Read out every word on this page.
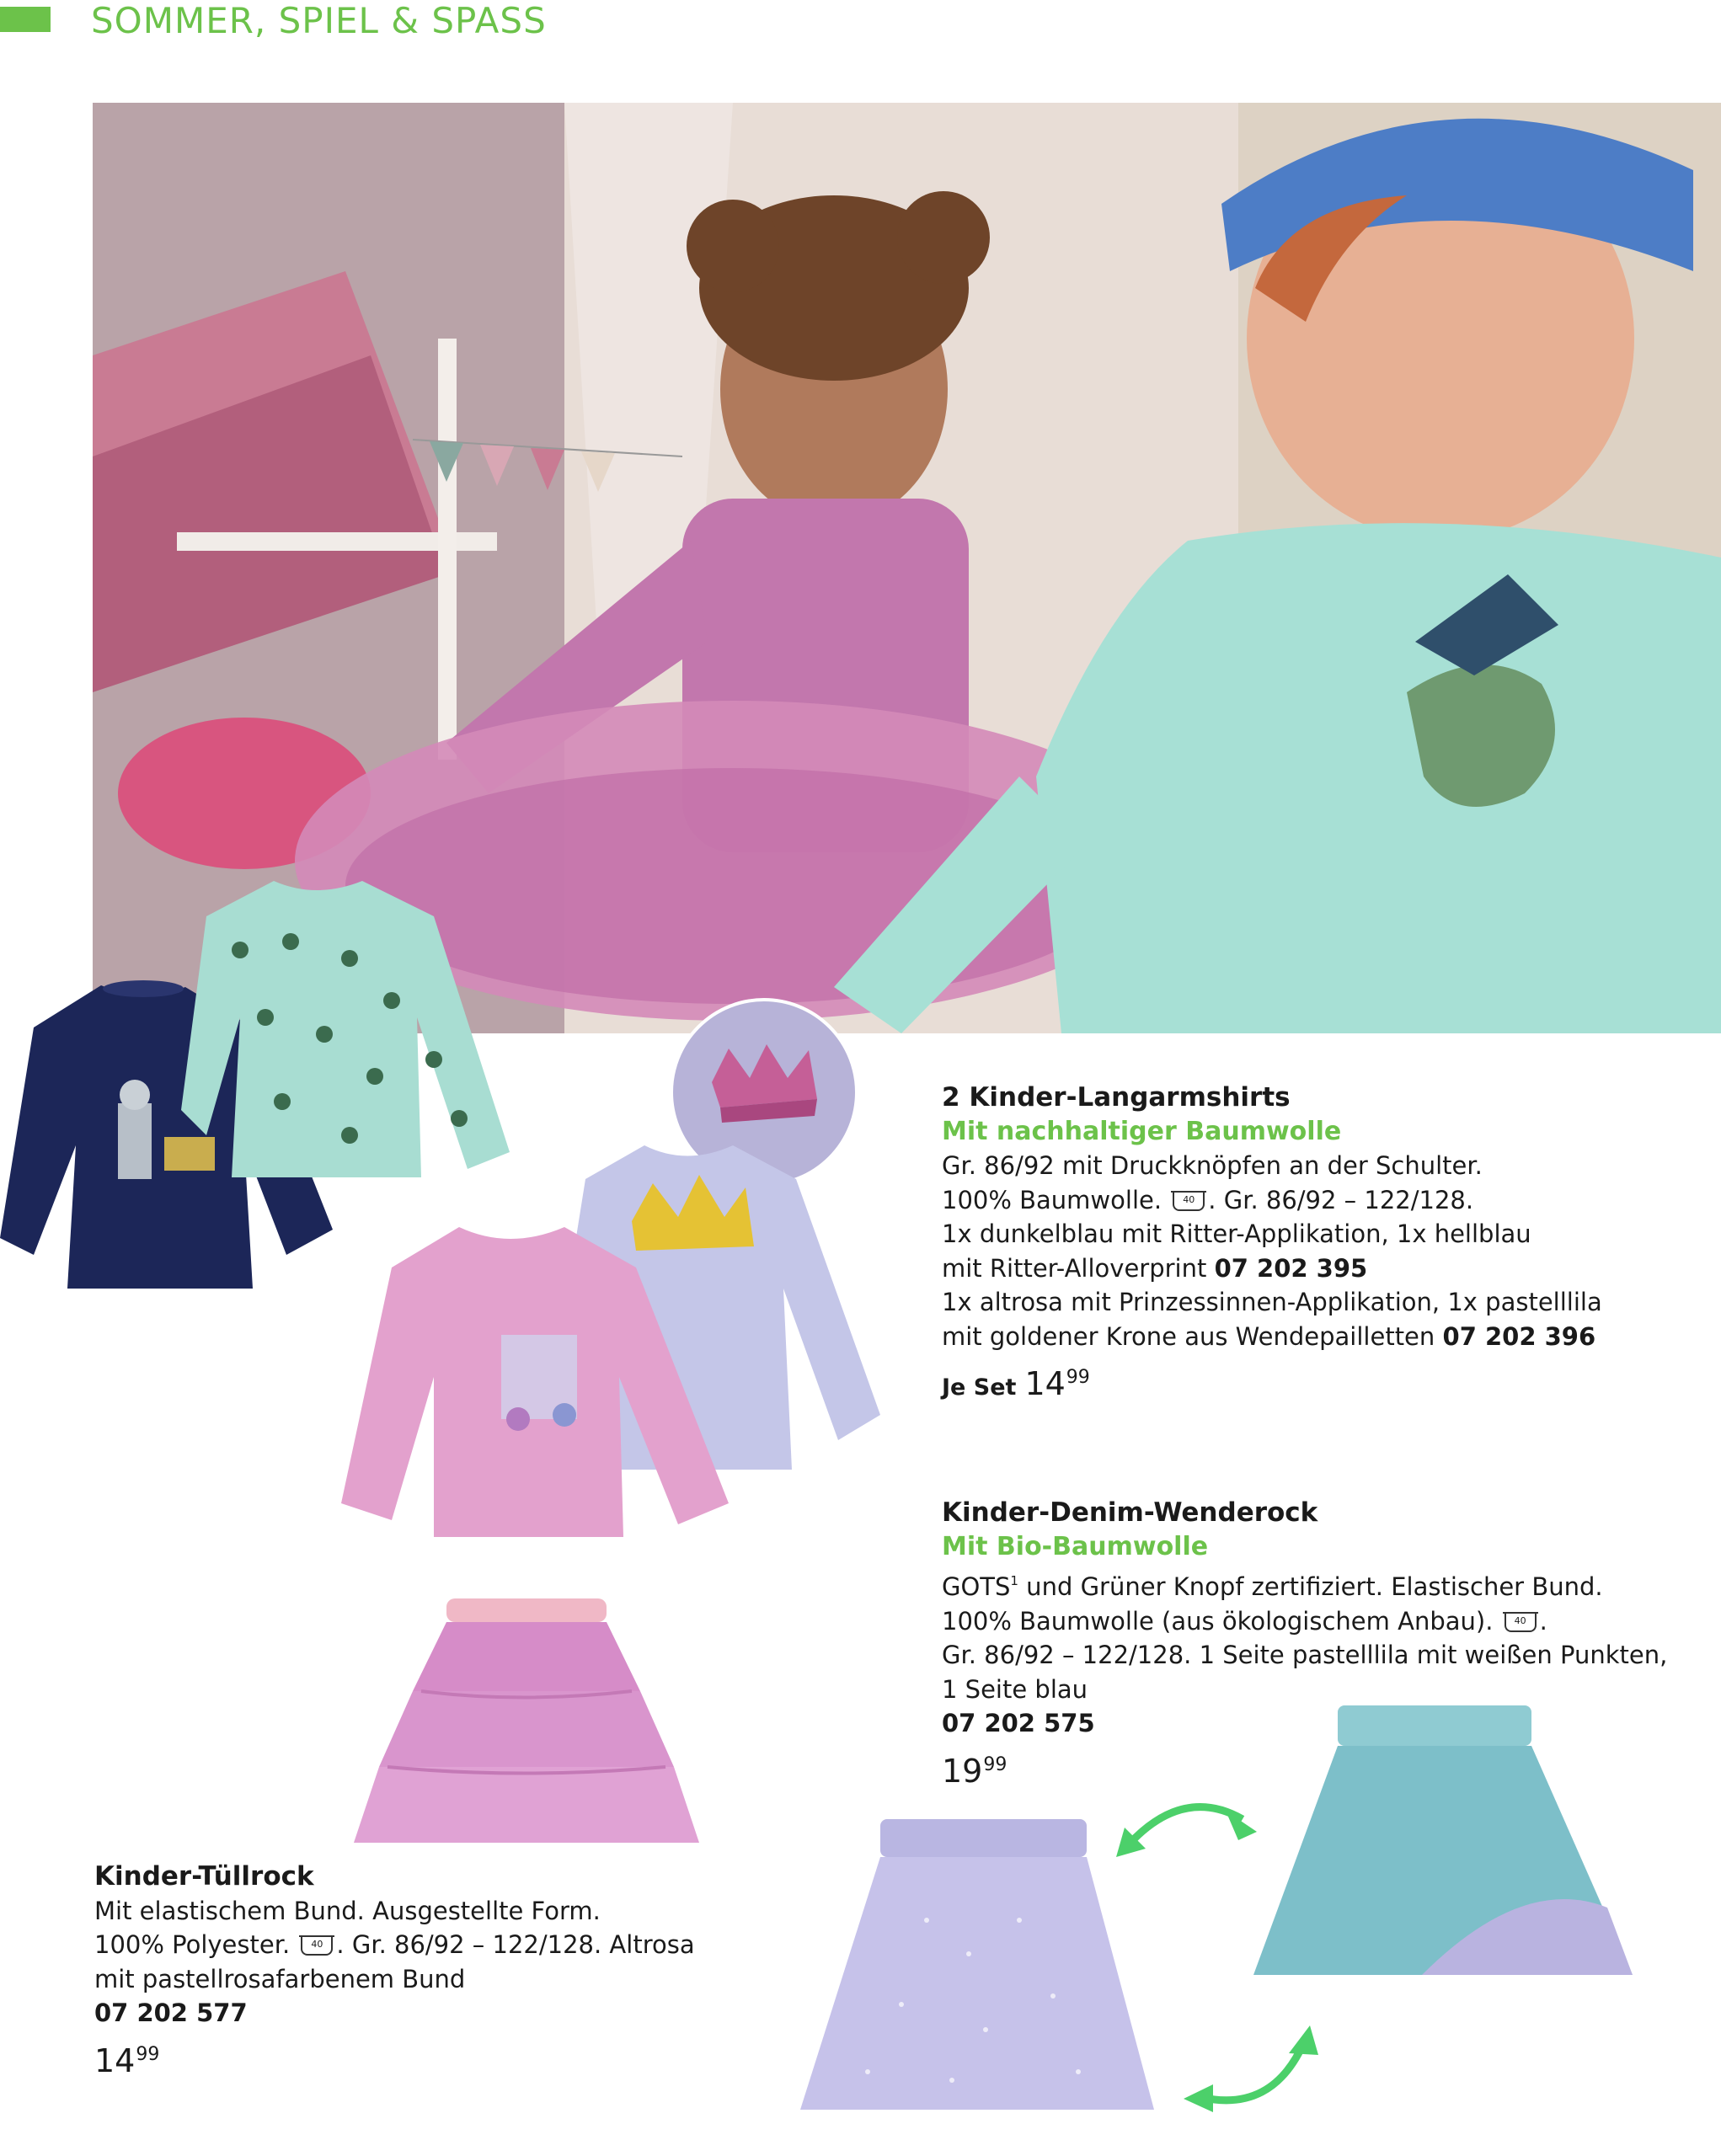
SOMMER, SPIEL & SPASS
2 Kinder-Langarmshirts
Mit nachhaltiger Baumwolle
Gr. 86/92 mit Druckknöpfen an der Schulter.
100% Baumwolle. 40 . Gr. 86/92 – 122/128.
1x dunkelblau mit Ritter-Applikation, 1x hellblau
mit Ritter-Alloverprint 07 202 395
1x altrosa mit Prinzessinnen-Applikation, 1x pastelllila
mit goldener Krone aus Wendepailletten 07 202 396
Je Set $14^{99}$
Kinder-Denim-Wenderock
Mit Bio-Baumwolle
GOTS$^1$ und Grüner Knopf zertifiziert. Elastischer Bund.
100% Baumwolle (aus ökologischem Anbau). 40 .
Gr. 86/92 – 122/128. 1 Seite pastelllila mit weißen Punkten,
1 Seite blau
07 202 575
$19^{99}$
Kinder-Tüllrock
Mit elastischem Bund. Ausgestellte Form.
100% Polyester. 40 . Gr. 86/92 – 122/128. Altrosa
mit pastellrosafarbenem Bund
07 202 577
$14^{99}$
